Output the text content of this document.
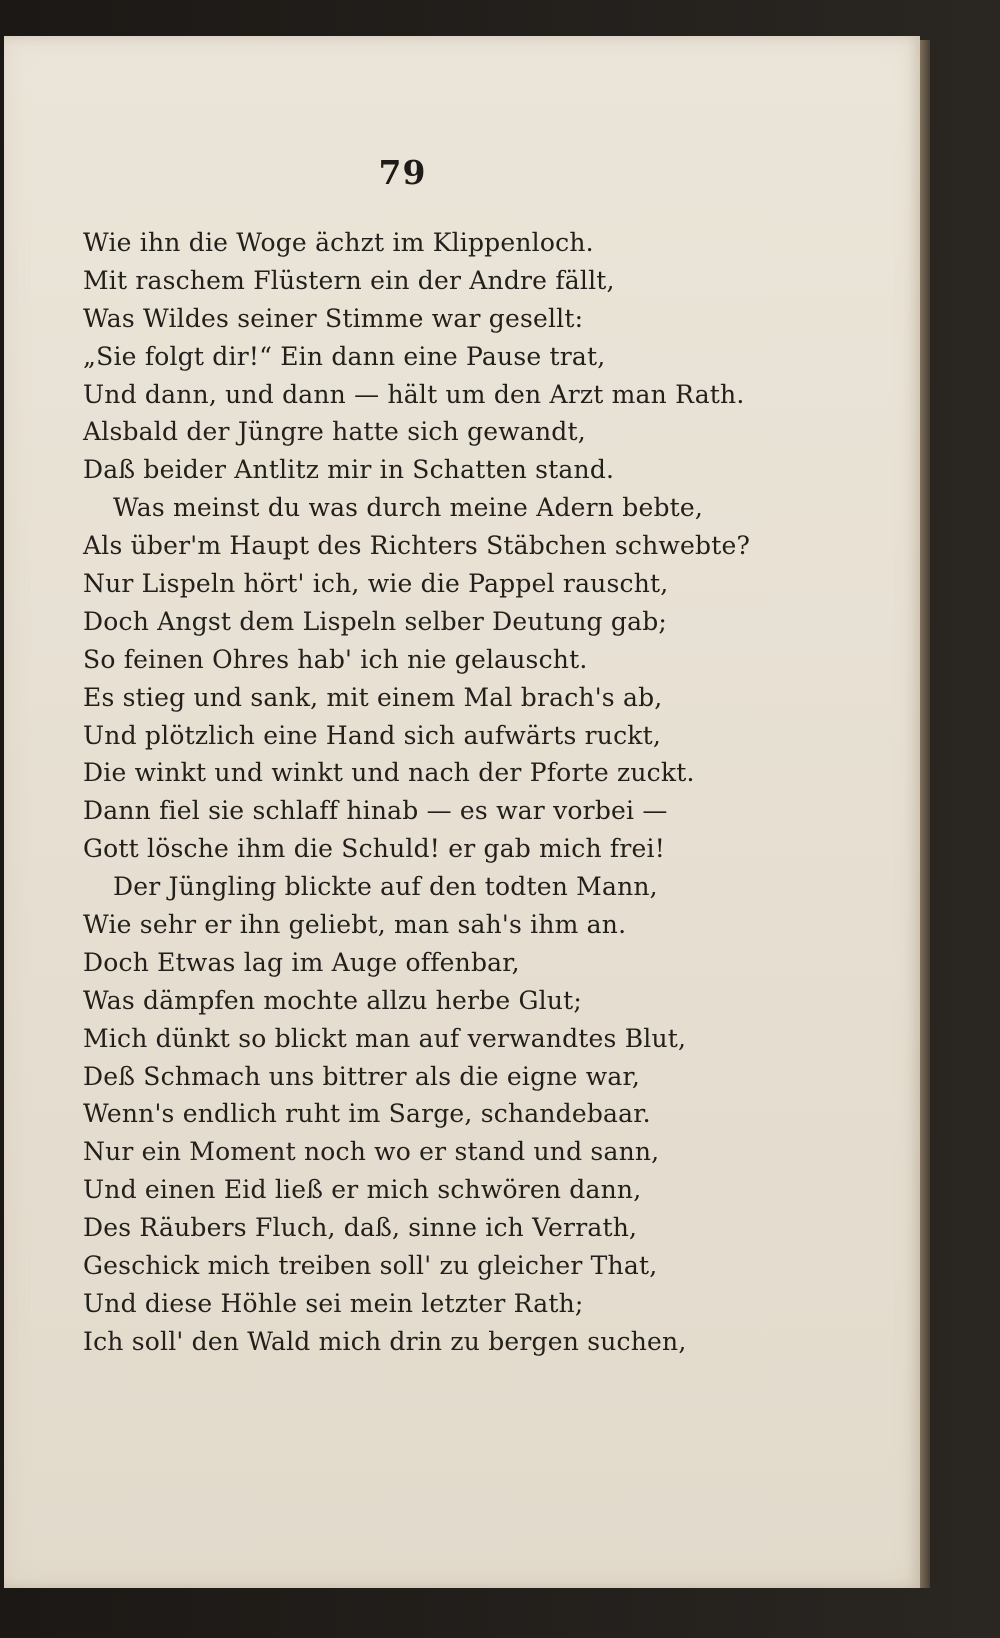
79
Wie ihn die Woge ächzt im Klippenloch.
Mit raschem Flüstern ein der Andre fällt,
Was Wildes seiner Stimme war gesellt:
„Sie folgt dir!“ Ein dann eine Pause trat,
Und dann, und dann — hält um den Arzt man Rath.
Alsbald der Jüngre hatte sich gewandt,
Daß beider Antlitz mir in Schatten stand.
Was meinst du was durch meine Adern bebte,
Als über'm Haupt des Richters Stäbchen schwebte?
Nur Lispeln hört' ich, wie die Pappel rauscht,
Doch Angst dem Lispeln selber Deutung gab;
So feinen Ohres hab' ich nie gelauscht.
Es stieg und sank, mit einem Mal brach's ab,
Und plötzlich eine Hand sich aufwärts ruckt,
Die winkt und winkt und nach der Pforte zuckt.
Dann fiel sie schlaff hinab — es war vorbei —
Gott lösche ihm die Schuld! er gab mich frei!
Der Jüngling blickte auf den todten Mann,
Wie sehr er ihn geliebt, man sah's ihm an.
Doch Etwas lag im Auge offenbar,
Was dämpfen mochte allzu herbe Glut;
Mich dünkt so blickt man auf verwandtes Blut,
Deß Schmach uns bittrer als die eigne war,
Wenn's endlich ruht im Sarge, schandebaar.
Nur ein Moment noch wo er stand und sann,
Und einen Eid ließ er mich schwören dann,
Des Räubers Fluch, daß, sinne ich Verrath,
Geschick mich treiben soll' zu gleicher That,
Und diese Höhle sei mein letzter Rath;
Ich soll' den Wald mich drin zu bergen suchen,
